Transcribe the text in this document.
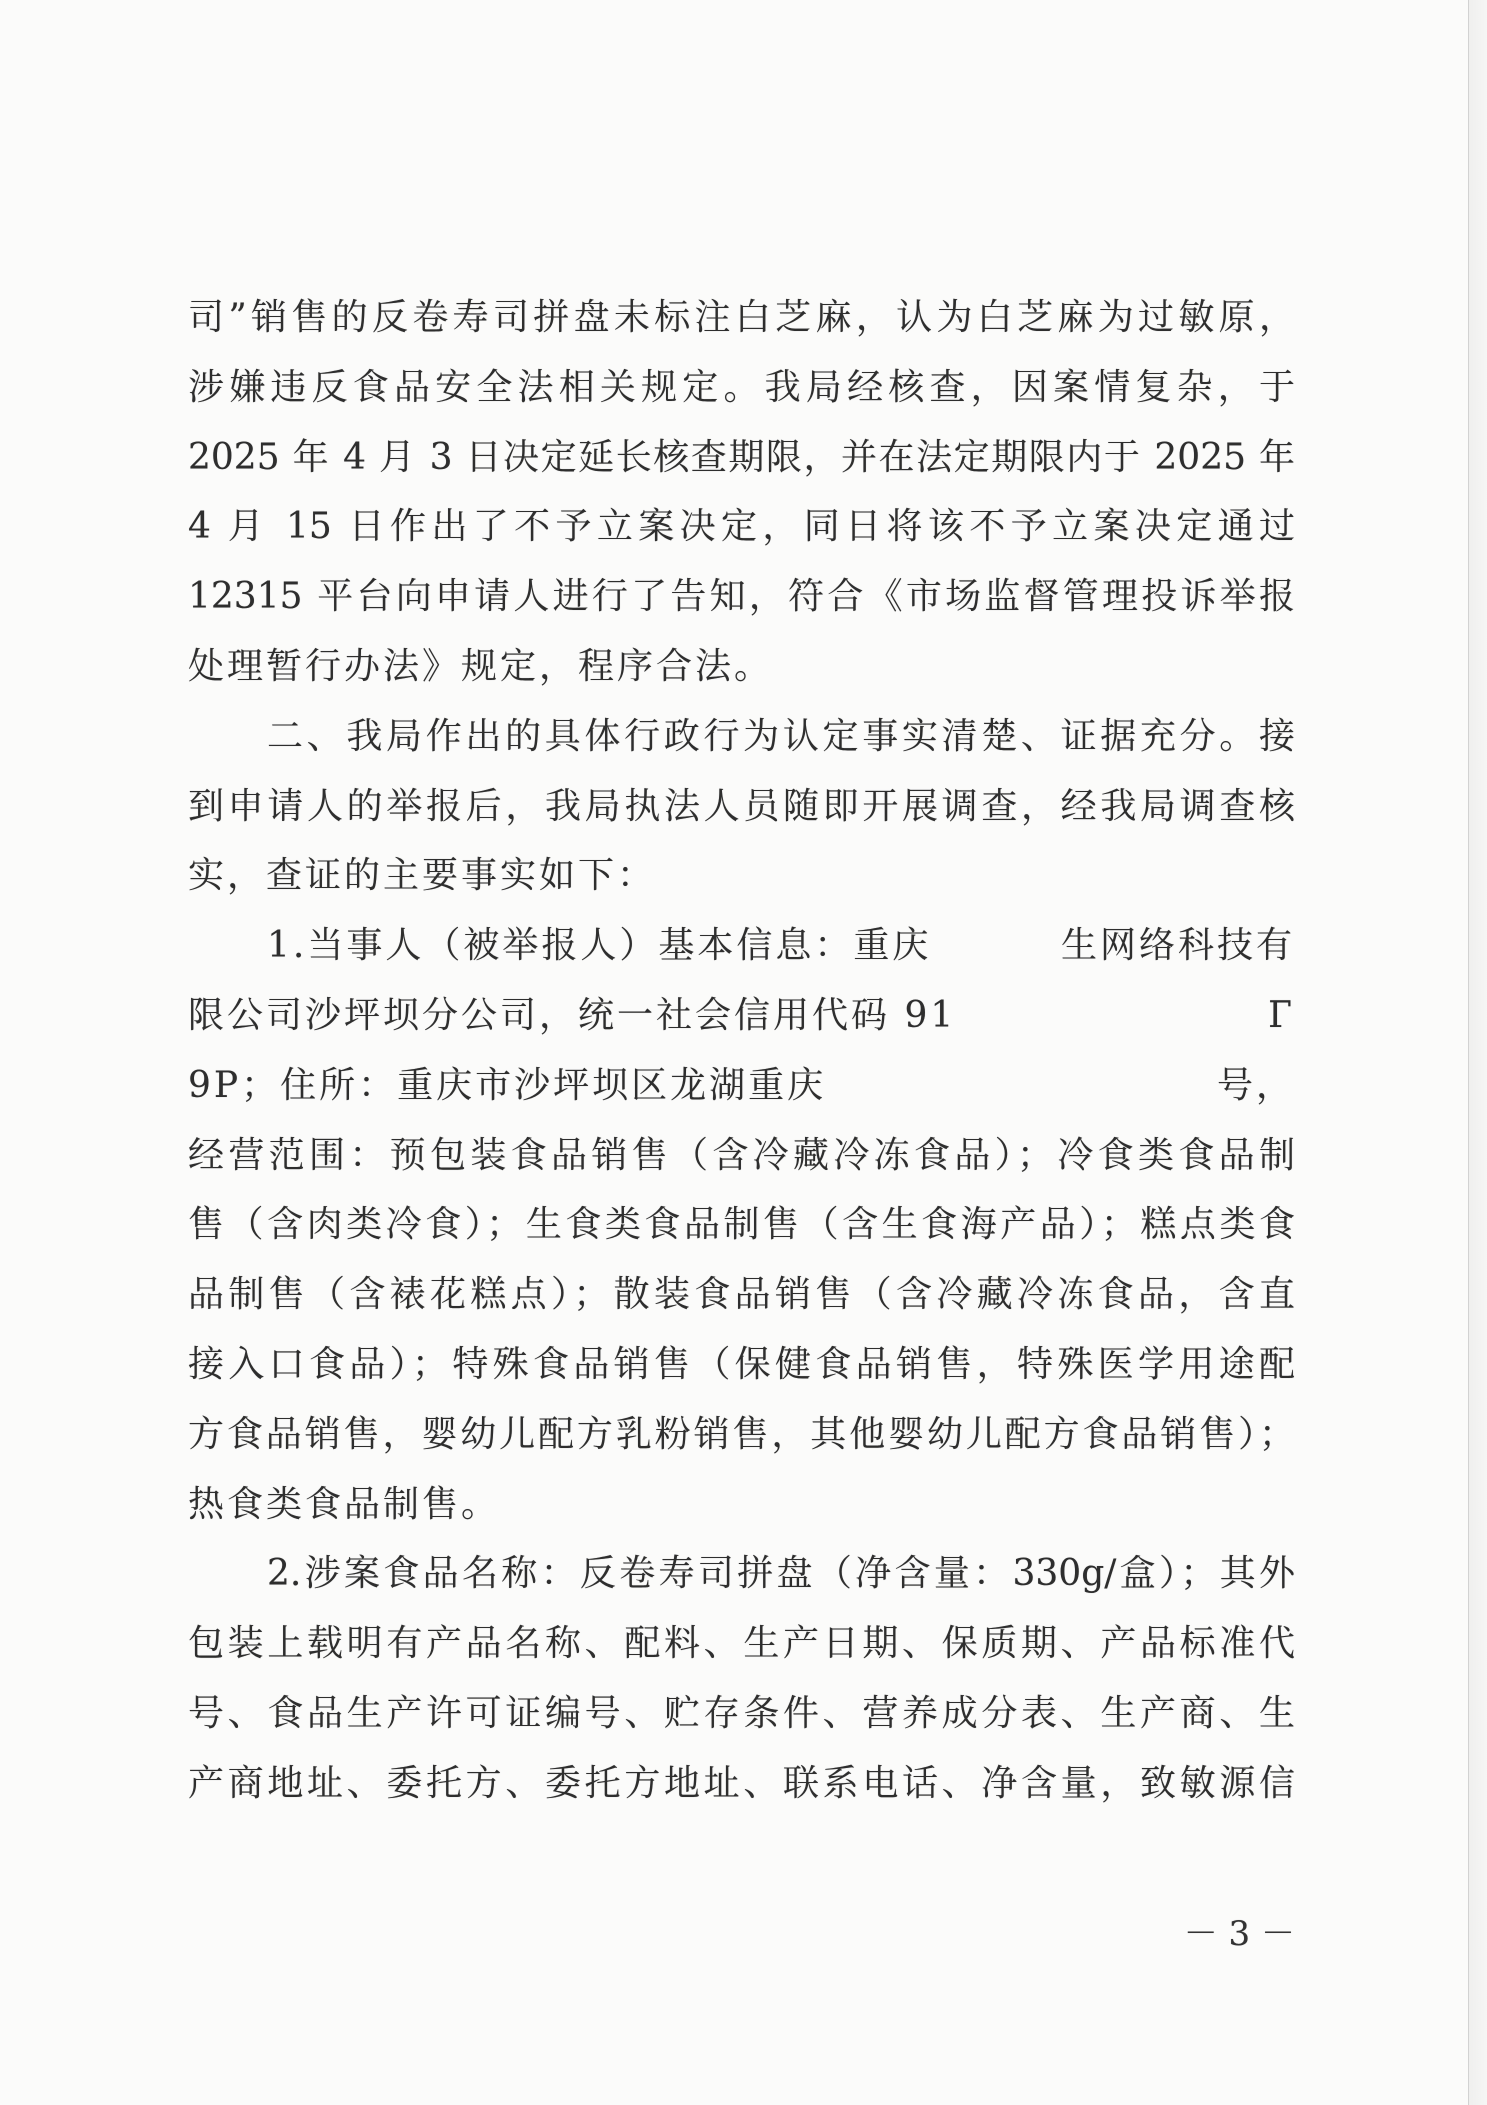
司”销售的反卷寿司拼盘未标注白芝麻，认为白芝麻为过敏原，
涉嫌违反食品安全法相关规定。我局经核查，因案情复杂，于
2025 年 4 月 3 日决定延长核查期限，并在法定期限内于 2025 年
4 月 15 日作出了不予立案决定，同日将该不予立案决定通过
12315 平台向申请人进行了告知，符合《市场监督管理投诉举报
处理暂行办法》规定，程序合法。
二、我局作出的具体行政行为认定事实清楚、证据充分。接
到申请人的举报后，我局执法人员随即开展调查，经我局调查核
实，查证的主要事实如下：
1.当事人（被举报人）基本信息：重庆	生网络科技有
限公司沙坪坝分公司，统一社会信用代码 91	Г
9P；住所：重庆市沙坪坝区龙湖重庆	号，
经营范围：预包装食品销售（含冷藏冷冻食品）；冷食类食品制
售（含肉类冷食）；生食类食品制售（含生食海产品）；糕点类食
品制售（含裱花糕点）；散装食品销售（含冷藏冷冻食品，含直
接入口食品）；特殊食品销售（保健食品销售，特殊医学用途配
方食品销售，婴幼儿配方乳粉销售，其他婴幼儿配方食品销售）；
热食类食品制售。
2.涉案食品名称：反卷寿司拼盘（净含量：330g/盒）；其外
包装上载明有产品名称、配料、生产日期、保质期、产品标准代
号、食品生产许可证编号、贮存条件、营养成分表、生产商、生
产商地址、委托方、委托方地址、联系电话、净含量，致敏源信
－ 3 －
